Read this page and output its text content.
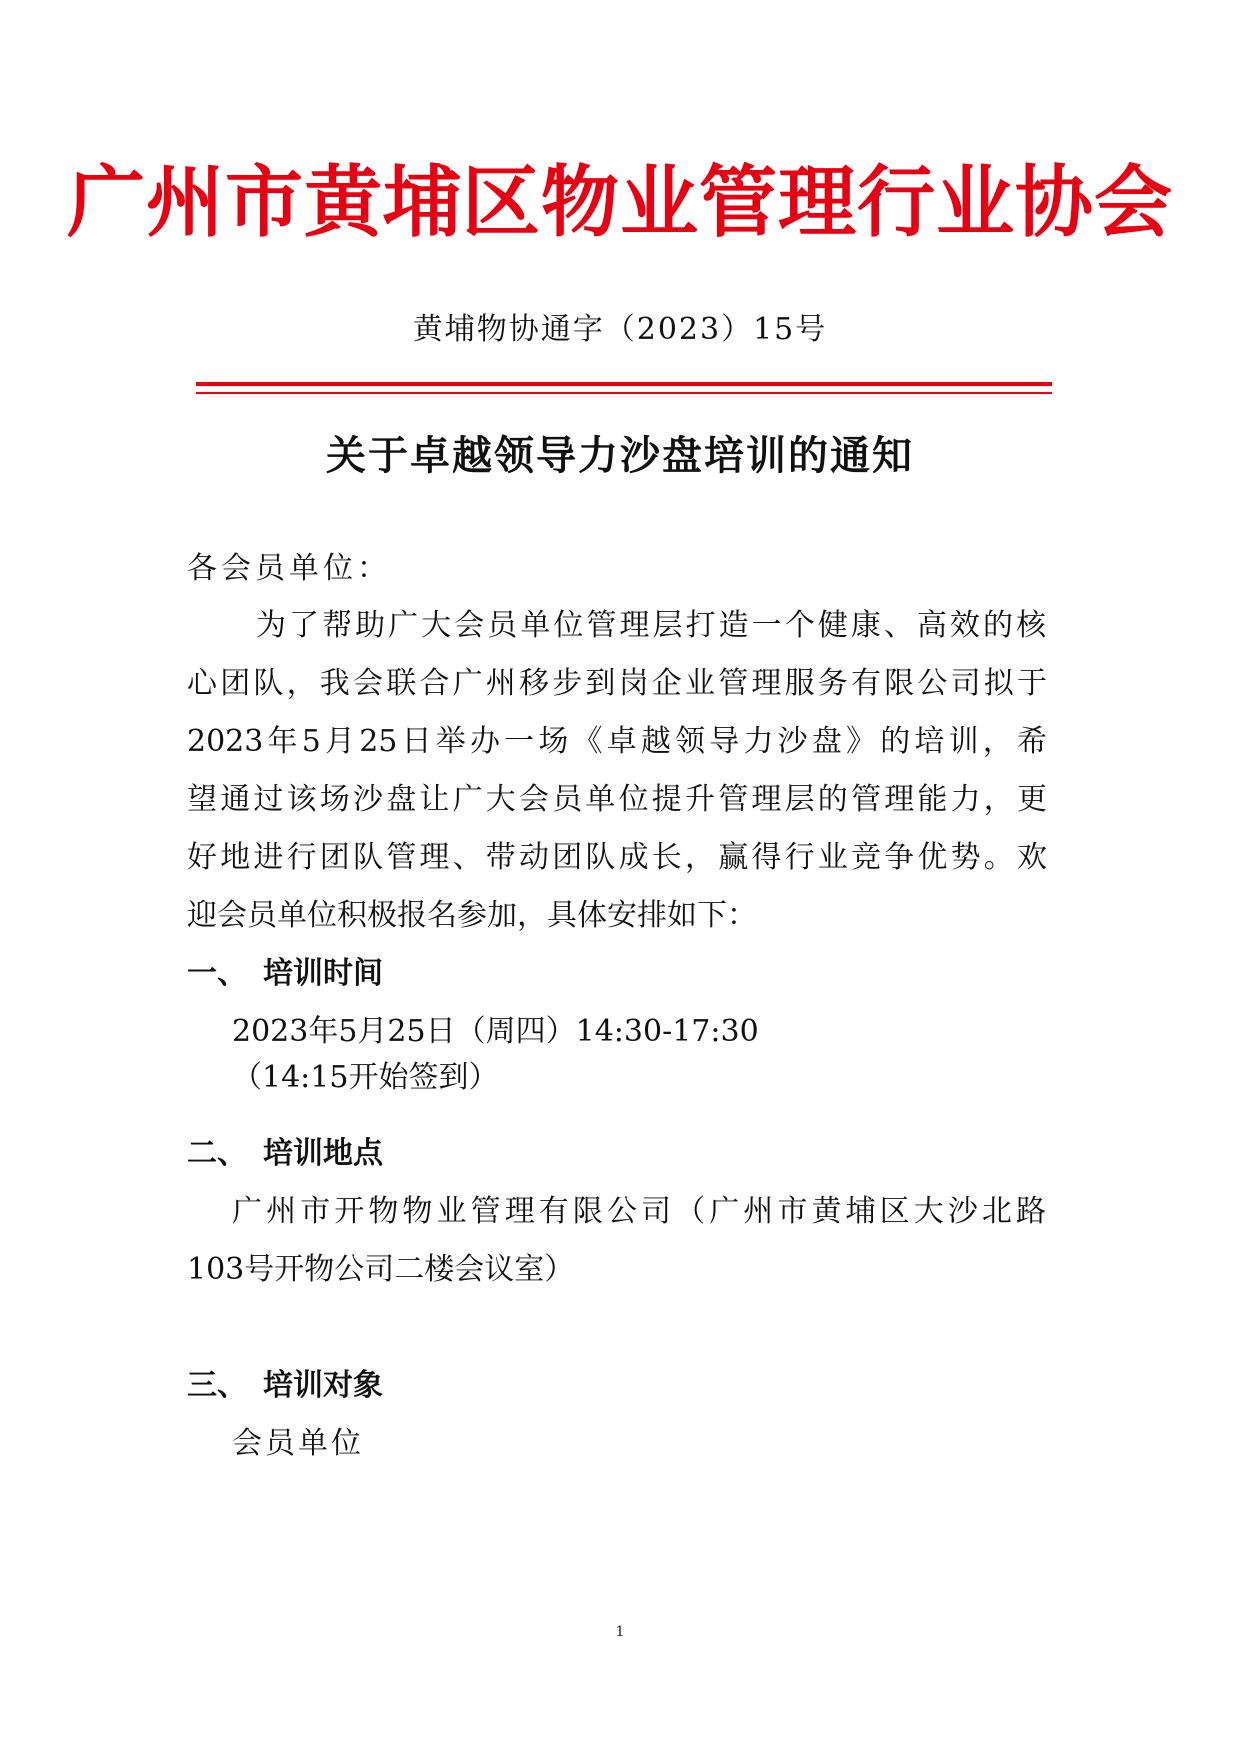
广州市黄埔区物业管理行业协会
黄埔物协通字（2023）15号
关于卓越领导力沙盘培训的通知
各会员单位：
为了帮助广大会员单位管理层打造一个健康、高效的核
心团队，我会联合广州移步到岗企业管理服务有限公司拟于
2023年5月25日举办一场《卓越领导力沙盘》的培训，希
望通过该场沙盘让广大会员单位提升管理层的管理能力，更
好地进行团队管理、带动团队成长，赢得行业竞争优势。欢
迎会员单位积极报名参加，具体安排如下：
一、 培训时间
2023年5月25日（周四）14:30-17:30
（14:15开始签到）
二、 培训地点
广州市开物物业管理有限公司（广州市黄埔区大沙北路
103号开物公司二楼会议室）
三、 培训对象
会员单位
1
